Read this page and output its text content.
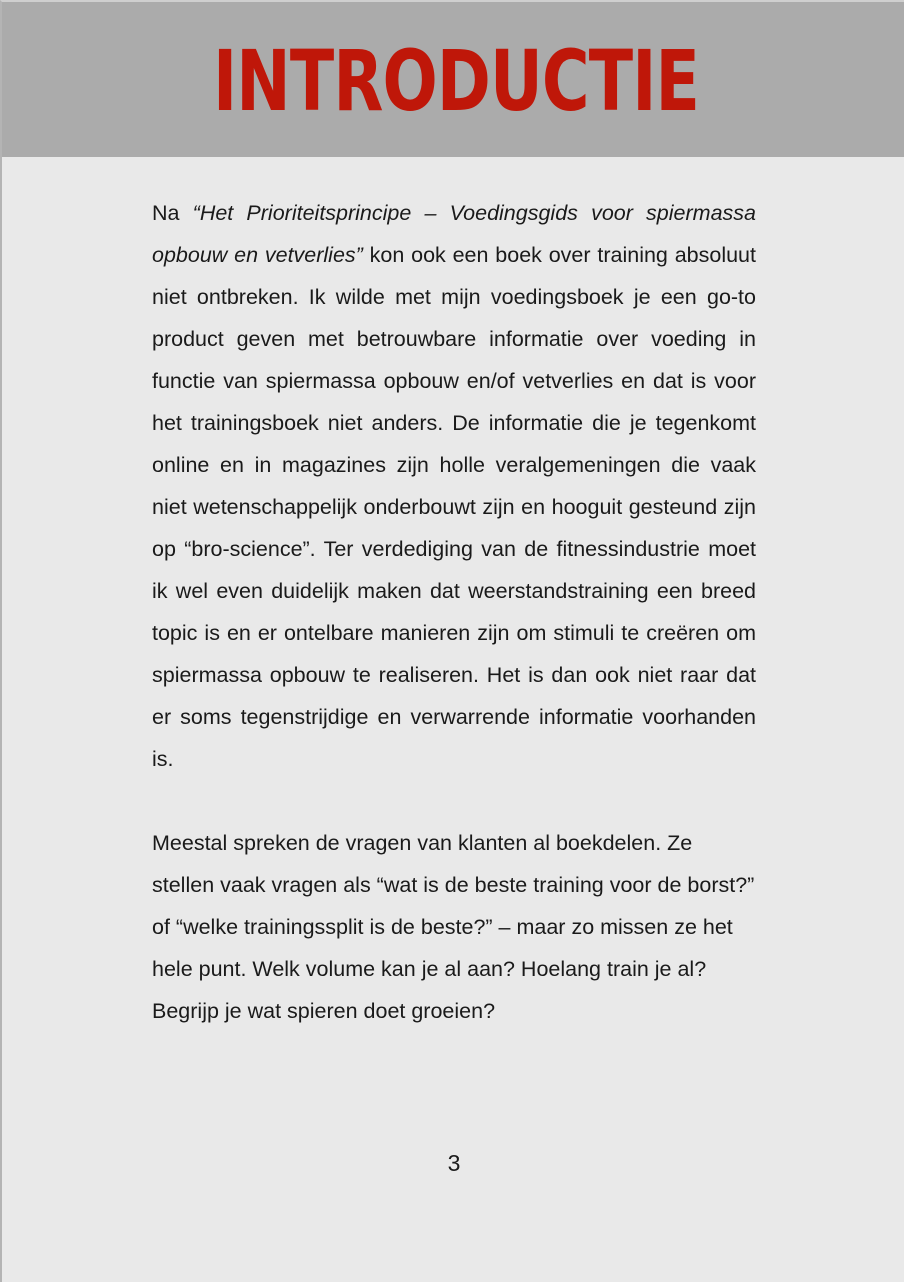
INTRODUCTIE

Na “Het Prioriteitsprincipe – Voedingsgids voor spiermassa opbouw en vetverlies” kon ook een boek over training absoluut niet ontbreken. Ik wilde met mijn voedingsboek je een go-to product geven met betrouwbare informatie over voeding in functie van spiermassa opbouw en/of vetverlies en dat is voor het trainingsboek niet anders. De informatie die je tegenkomt online en in magazines zijn holle veralgemeningen die vaak niet wetenschappelijk onderbouwt zijn en hooguit gesteund zijn op “bro-science”. Ter verdediging van de fitnessindustrie moet ik wel even duidelijk maken dat weerstandstraining een breed topic is en er ontelbare manieren zijn om stimuli te creëren om spiermassa opbouw te realiseren. Het is dan ook niet raar dat er soms tegenstrijdige en verwarrende informatie voorhanden is.

Meestal spreken de vragen van klanten al boekdelen. Ze stellen vaak vragen als “wat is de beste training voor de borst?” of “welke trainingssplit is de beste?” – maar zo missen ze het hele punt. Welk volume kan je al aan? Hoelang train je al? Begrijp je wat spieren doet groeien?

3
